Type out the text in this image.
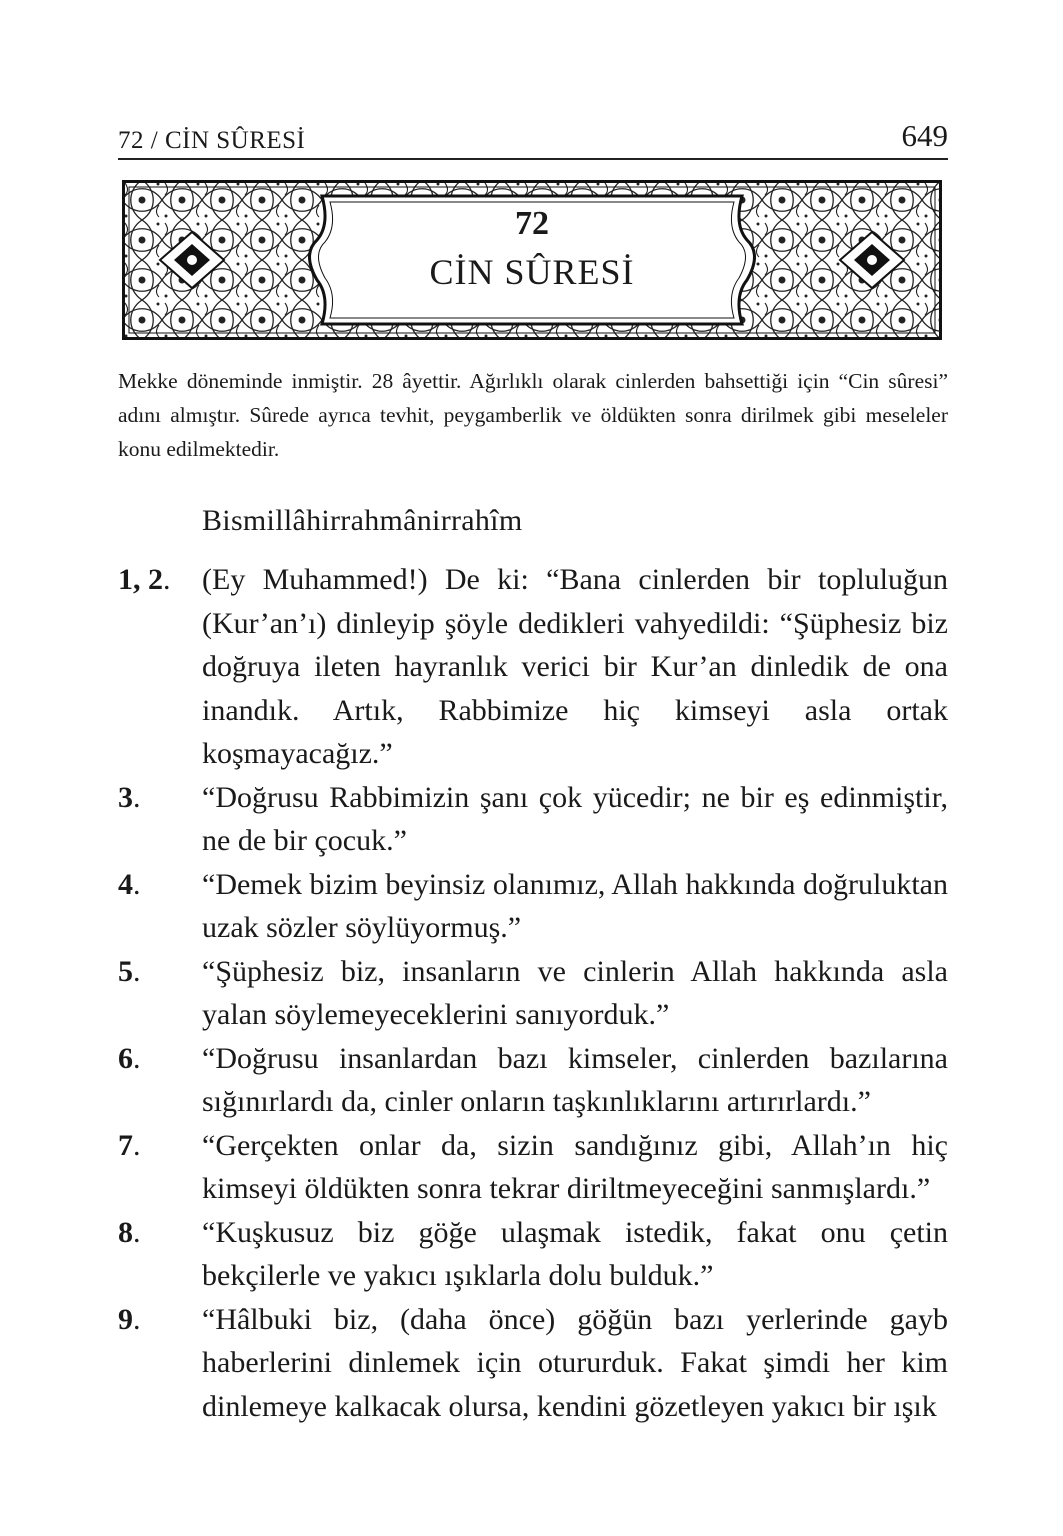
72 / CİN SÛRESİ	649
72
CİN SÛRESİ

Mekke döneminde inmiştir. 28 âyettir. Ağırlıklı olarak cinlerden bahsettiği için “Cin sûresi” adını almıştır. Sûrede ayrıca tevhit, peygamberlik ve öldükten sonra dirilmek gibi meseleler konu edilmektedir.

Bismillâhirrahmânirrahîm
1, 2. (Ey Muhammed!) De ki: “Bana cinlerden bir topluluğun (Kur’an’ı) dinleyip şöyle dedikleri vahyedildi: “Şüphesiz biz doğruya ileten hayranlık verici bir Kur’an dinledik de ona inandık. Artık, Rabbimize hiç kimseyi asla ortak koşmayacağız.”

3. “Doğrusu Rabbimizin şanı çok yücedir; ne bir eş edinmiştir, ne de bir çocuk.”

4. “Demek bizim beyinsiz olanımız, Allah hakkında doğruluktan uzak sözler söylüyormuş.”

5. “Şüphesiz biz, insanların ve cinlerin Allah hakkında asla yalan söylemeyeceklerini sanıyorduk.”

6. “Doğrusu insanlardan bazı kimseler, cinlerden bazılarına sığınırlardı da, cinler onların taşkınlıklarını artırırlardı.”

7. “Gerçekten onlar da, sizin sandığınız gibi, Allah’ın hiç kimseyi öldükten sonra tekrar diriltmeyeceğini sanmışlardı.”

8. “Kuşkusuz biz göğe ulaşmak istedik, fakat onu çetin bekçilerle ve yakıcı ışıklarla dolu bulduk.”

9. “Hâlbuki biz, (daha önce) göğün bazı yerlerinde gayb haberlerini dinlemek için otururduk. Fakat şimdi her kim dinlemeye kalkacak olursa, kendini gözetleyen yakıcı bir ışık
